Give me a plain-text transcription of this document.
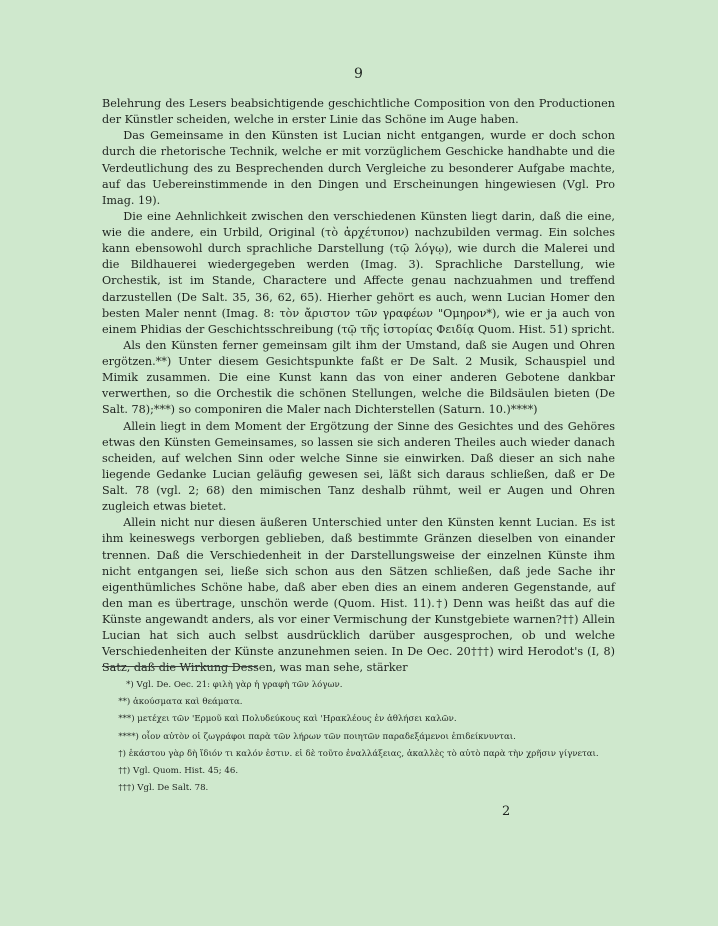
9

Belehrung des Lesers beabsichtigende geschichtliche Composition von den Productionen der Künstler scheiden, welche in erster Linie das Schöne im Auge haben.

Das Gemeinsame in den Künsten ist Lucian nicht entgangen, wurde er doch schon durch die rhetorische Technik, welche er mit vorzüglichem Geschicke handhabte und die Verdeutlichung des zu Besprechenden durch Vergleiche zu besonderer Aufgabe machte, auf das Uebereinstimmende in den Dingen und Erscheinungen hingewiesen (Vgl. Pro Imag. 19).

Die eine Aehnlichkeit zwischen den verschiedenen Künsten liegt darin, daß die eine, wie die andere, ein Urbild, Original (τὸ ἀρχέτυπον) nachzubilden vermag. Ein solches kann ebensowohl durch sprachliche Darstellung (τῷ λόγῳ), wie durch die Malerei und die Bildhauerei wiedergegeben werden (Imag. 3). Sprachliche Darstellung, wie Orchestik, ist im Stande, Charactere und Affecte genau nachzuahmen und treffend darzustellen (De Salt. 35, 36, 62, 65). Hierher gehört es auch, wenn Lucian Homer den besten Maler nennt (Imag. 8: τὸν ἄριστον τῶν γραφέων "Ομηρον*), wie er ja auch von einem Phidias der Geschichtsschreibung (τῷ τῆς ἱστορίας Φειδίᾳ Quom. Hist. 51) spricht.

Als den Künsten ferner gemeinsam gilt ihm der Umstand, daß sie Augen und Ohren ergötzen.**) Unter diesem Gesichtspunkte faßt er De Salt. 2 Musik, Schauspiel und Mimik zusammen. Die eine Kunst kann das von einer anderen Gebotene dankbar verwerthen, so die Orchestik die schönen Stellungen, welche die Bildsäulen bieten (De Salt. 78);***) so componiren die Maler nach Dichterstellen (Saturn. 10.)****)

Allein liegt in dem Moment der Ergötzung der Sinne des Gesichtes und des Gehöres etwas den Künsten Gemeinsames, so lassen sie sich anderen Theiles auch wieder danach scheiden, auf welchen Sinn oder welche Sinne sie einwirken. Daß dieser an sich nahe liegende Gedanke Lucian geläufig gewesen sei, läßt sich daraus schließen, daß er De Salt. 78 (vgl. 2; 68) den mimischen Tanz deshalb rühmt, weil er Augen und Ohren zugleich etwas bietet.

Allein nicht nur diesen äußeren Unterschied unter den Künsten kennt Lucian. Es ist ihm keineswegs verborgen geblieben, daß bestimmte Gränzen dieselben von einander trennen. Daß die Verschiedenheit in der Darstellungsweise der einzelnen Künste ihm nicht entgangen sei, ließe sich schon aus den Sätzen schließen, daß jede Sache ihr eigenthümliches Schöne habe, daß aber eben dies an einem anderen Gegenstande, auf den man es übertrage, unschön werde (Quom. Hist. 11).†) Denn was heißt das auf die Künste angewandt anders, als vor einer Vermischung der Kunstgebiete warnen?††) Allein Lucian hat sich auch selbst ausdrücklich darüber ausgesprochen, ob und welche Verschiedenheiten der Künste anzunehmen seien. In De Oec. 20†††) wird Herodot's (I, 8) Satz, daß die Wirkung Dessen, was man sehe, stärker

*) Vgl. De. Oec. 21: φιλὴ γὰρ ἡ γραφὴ τῶν λόγων.

**) ἀκούσματα καὶ θεάματα.

***) μετέχει τῶν 'Ερμοῦ καὶ Πολυδεύκους καὶ 'Ηρακλέους ἐν ἀθλήσει καλῶν.

****) οἷον αὐτὸν οἱ ζωγράφοι παρὰ τῶν λήρων τῶν ποιητῶν παραδεξάμενοι ἐπιδείκνυνται.

†) ἑκάστου γὰρ δὴ ἴδιόν τι καλόν ἐστιν. εἰ δὲ τοῦτο ἐναλλάξειας, ἀκαλλὲς τὸ αὐτὸ παρὰ τὴν χρῆσιν γίγνεται.

††) Vgl. Quom. Hist. 45; 46.

†††) Vgl. De Salt. 78.

2
